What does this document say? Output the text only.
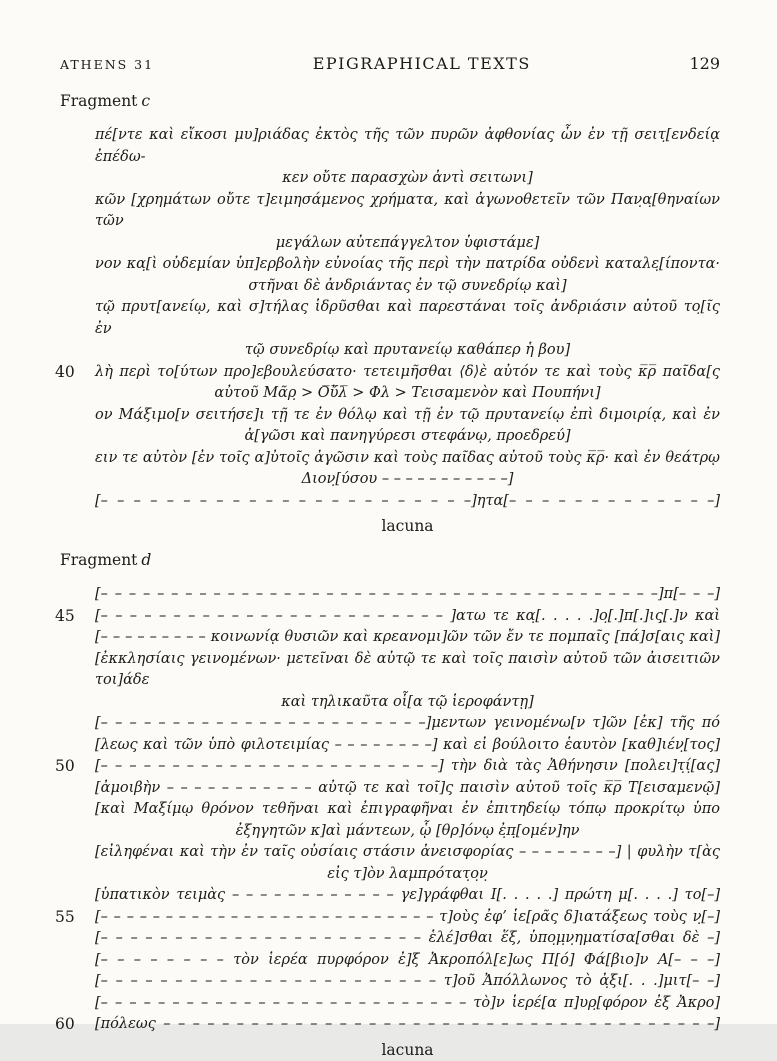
ATHENS 31	EPIGRAPHICAL TEXTS	129
Fragment c
πέ[ντε καὶ εἴκοσι μυ]ριάδας ἐκτὸς τῆς τῶν πυρῶν ἀφθονίας ὧν ἐν τῇ σειτ̣[ενδείᾳ ἐπέδω-
κεν οὔτε παρασχὼν ἀντὶ σειτωνι]
κῶν [χρημάτων οὔτε τ]ειμησάμενος χρήματα, καὶ ἀγωνοθετεῖν τῶν Παν̣α̣[θηναίων τῶν
μεγάλων αὐτεπάγγελτον ὑφιστάμε]
νον κα̣[ὶ οὐδεμίαν ὑπ]ερβολὴν εὐνοίας τῆς περὶ τὴν πατρίδα οὐδενὶ καταλε̣[ίποντα·
στῆναι δὲ ἀνδριάντας ἐν τῷ συνεδρίῳ καὶ]
τῷ πρυτ[ανείῳ, καὶ σ]τήλας ἱδρῦσθαι καὶ παρεστάναι τοῖς ἀνδριάσιν αὐτοῦ το̣[ῖς ἐν
τῷ συνεδρίῳ καὶ πρυτανείῳ καθάπερ ἡ βου]
40	λὴ περὶ το[ύτων προ]εβουλεύσατο· τετειμῆσθαι ⟨δ⟩ὲ αὐτόν τε καὶ τοὺς κ̅ρ̅ παῖδα[ς
αὐτοῦ Μᾶρ̣ > Ο̅ὔ̅λ̅ > Φλ > Τεισαμενὸν καὶ Πουπήνι]
ον Μάξιμο[ν σειτήσε]ι τῇ τε ἐν θόλῳ καὶ τῇ ἐν τῷ πρυτανείῳ ἐπὶ διμοιρίᾳ, καὶ ἐν
ἀ[γῶσι καὶ πανηγύρεσι στεφάνῳ, προεδρεύ]
ειν τε αὐτὸν [ἐν τοῖς α]ὐτοῖς ἀγῶσιν καὶ τοὺς παῖδας αὐτοῦ τοὺς κ̅ρ̅· καὶ ἐν θεάτρῳ
Διον̣[ύσου – – – – – – – – – – –]
[– – – – – – – – – – – – – – – – – – – – – – –]ητα[– – – – – – – – – – – – –]
lacuna
Fragment d
[– – – – – – – – – – – – – – – – – – – – – – – – – – – – – – – – – – – – – – – –]π[– – –]
45	[– – – – – – – – – – – – – – – – – – – – – – – – ]ατω τε κα̣[. . . . .]ο̣[.]π[.]ις̣[.]ν καὶ
[– – – – – – – – – κοινωνίᾳ θυσιῶν καὶ κρεανομι]ῶν τῶν ἔν τε πομπαῖς [πά]σ[αις καὶ]
[ἐκκλησίαις γεινομένων· μετεῖναι δὲ αὐτῷ τε καὶ τοῖς παισὶν αὐτοῦ τῶν ἀισειτιῶν τοι]άδε
καὶ τηλικαῦτα οἷ[α τῷ ἱεροφάντῃ]
[– – – – – – – – – – – – – – – – – – – – – – –]μεντων γεινομένω[ν τ]ῶν [ἐκ] τῆς πό
[λεως καὶ τῶν ὑπὸ φιλοτειμίας – – – – – – – –] καὶ εἰ βούλοιτο ἑαυτὸν [καθ]ιέν̣[τος]
50	[– – – – – – – – – – – – – – – – – – – – – – – –] τὴν διὰ τὰς Ἀθήνησιν [πολει]τ̣ί̣[ας]
[ἀμοιβὴν – – – – – – – – – – – αὐτῷ τε καὶ τοῖ]ς παισὶν αὐτοῦ τοῖς κ̅ρ̅ Τ[εισαμενῷ]
[καὶ Μαξίμῳ θρόνον τεθῆναι καὶ ἐπιγραφῆναι ἐν ἐπιτηδείῳ τόπῳ προκρίτῳ ὑπο
ἐξηγητῶν κ]αὶ μάντεων, ᾧ [θρ]όνῳ ἐ̣π̣[ομέν]ην
[εἰληφέναι καὶ τὴν ἐν ταῖς οὐσίαις στάσιν ἀνεισφορίας – – – – – – – –] | φυλὴν τ[ὰς
εἰς τ]ὸν λαμπρότατ̣ο̣ν̣
[ὑπατικὸν τειμὰς – – – – – – – – – – – – γε]γράφθαι Ι[. . . . .] πρώτη μ[. . . .] το[–]
55	[– – – – – – – – – – – – – – – – – – – – – – – – – – τ]οὺς ἐφ’ ἱε[ρᾶς δ]ιατάξεως τοὺς ν̣[–]
[– – – – – – – – – – – – – – – – – – – – – – ἑλέ]σθαι ἕξ, ὑπο̣μ̣ν̣ηματίσα[σθαι δὲ –]
[– – – – – – – – τὸν ἱερέα πυρφόρον ἐ]ξ Ἀκροπόλ[ε]ως Π[ό] Φά[βιο]ν Α[– – –]
[– – – – – – – – – – – – – – – – – – – – – – – τ]οῦ Ἀπόλλωνος τὸ ἀ̣ξι[. . .]μιτ[– –]
[– – – – – – – – – – – – – – – – – – – – – – – – – – τὸ]ν ἱερέ[α π]υρ̣[φόρον ἐξ Ἀκρο]
60	[πόλεως – – – – – – – – – – – – – – – – – – – – – – – – – – – – – – – – – – – – – –]
lacuna
